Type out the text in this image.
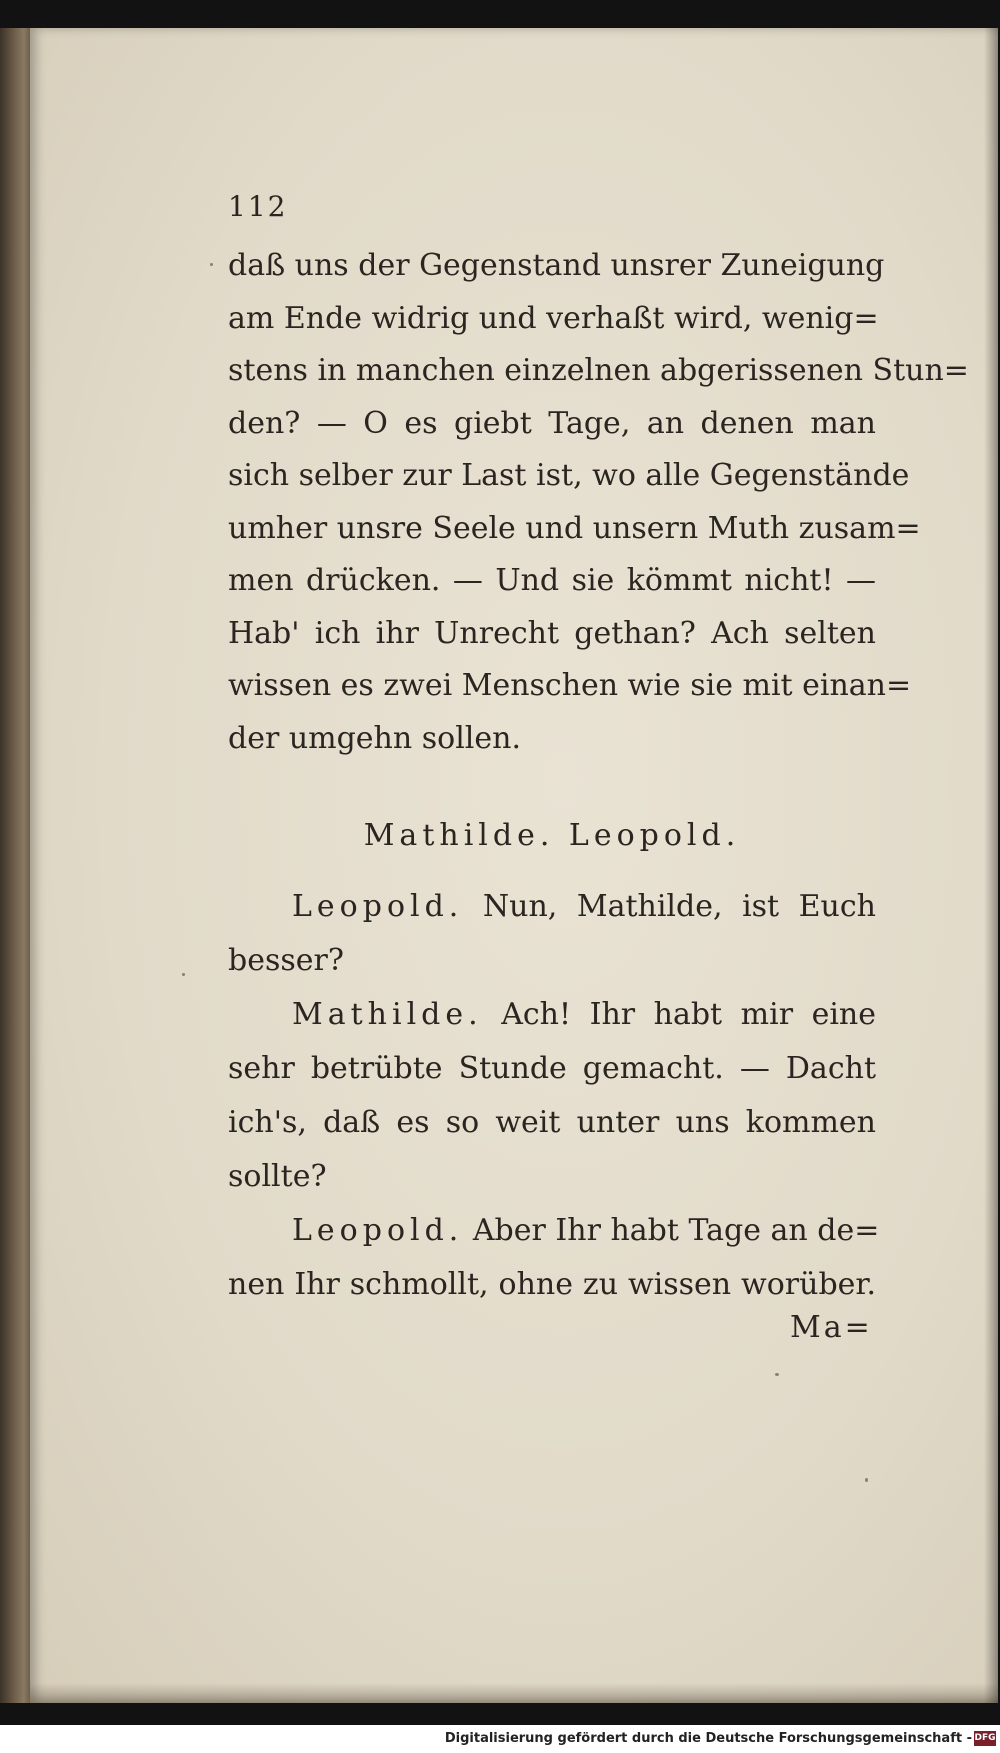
112
daß uns der Gegenstand unsrer Zuneigung
am Ende widrig und verhaßt wird, wenig=
stens in manchen einzelnen abgerissenen Stun=
den? — O es giebt Tage, an denen man
sich selber zur Last ist, wo alle Gegenstände
umher unsre Seele und unsern Muth zusam=
men drücken. — Und sie kömmt nicht! —
Hab' ich ihr Unrecht gethan? Ach selten
wissen es zwei Menschen wie sie mit einan=
der umgehn sollen.
Mathilde. Leopold.
Leopold. Nun, Mathilde, ist Euch
besser?
Mathilde. Ach! Ihr habt mir eine
sehr betrübte Stunde gemacht. — Dacht
ich's, daß es so weit unter uns kommen
sollte?
Leopold. Aber Ihr habt Tage an de=
nen Ihr schmollt, ohne zu wissen worüber.
Ma=
Digitalisierung gefördert durch die Deutsche Forschungsgemeinschaft - DFG
